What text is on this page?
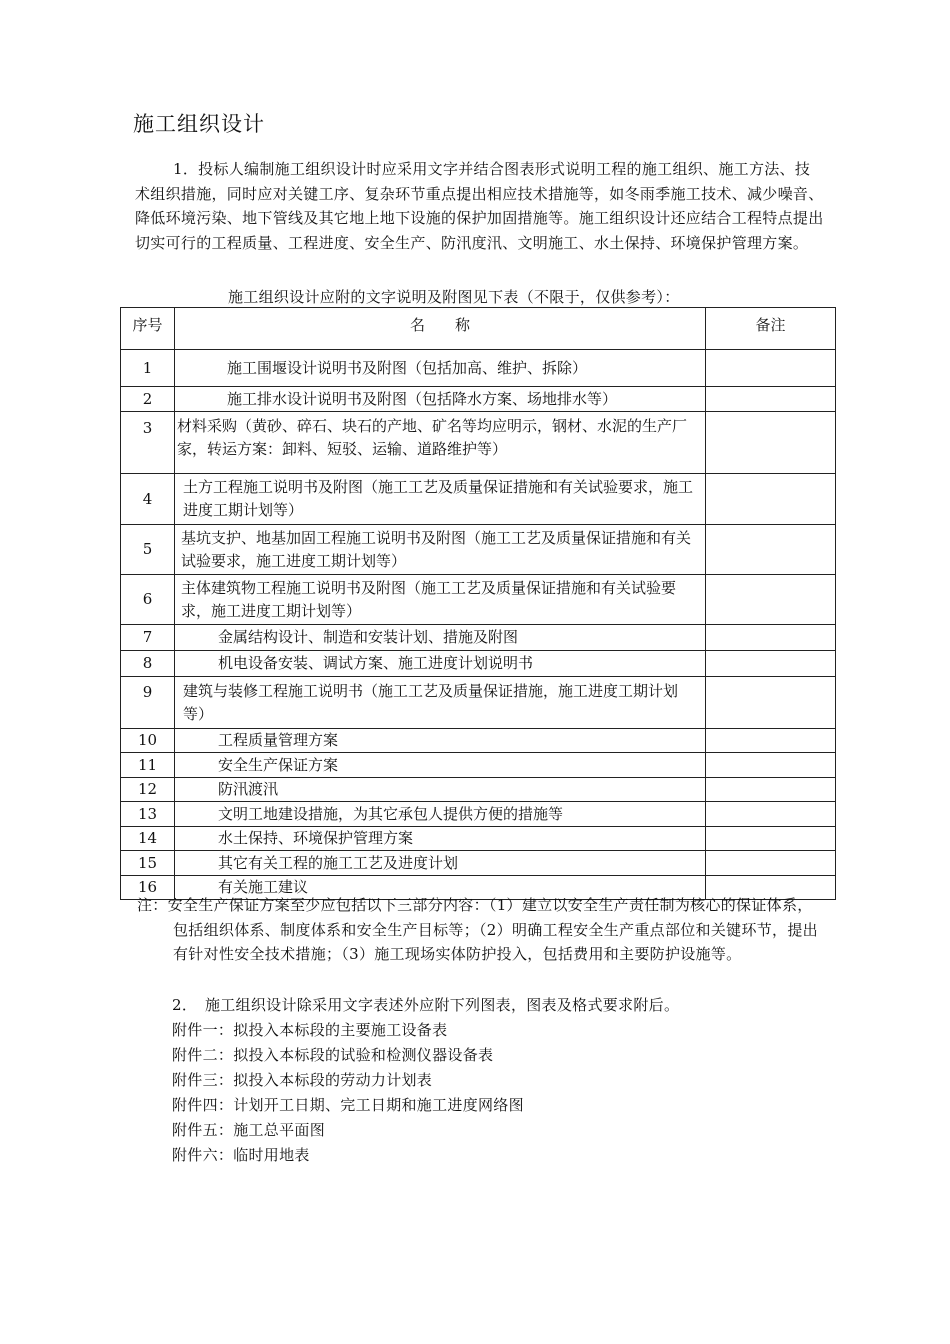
施工组织设计
1．投标人编制施工组织设计时应采用文字并结合图表形式说明工程的施工组织、施工方法、技术组织措施，同时应对关键工序、复杂环节重点提出相应技术措施等，如冬雨季施工技术、减少噪音、降低环境污染、地下管线及其它地上地下设施的保护加固措施等。施工组织设计还应结合工程特点提出切实可行的工程质量、工程进度、安全生产、防汛度汛、文明施工、水土保持、环境保护管理方案。
施工组织设计应附的文字说明及附图见下表（不限于，仅供参考）：
序号	名　　称	备注
1	施工围堰设计说明书及附图（包括加高、维护、拆除）	
2	施工排水设计说明书及附图（包括降水方案、场地排水等）	
3	材料采购（黄砂、碎石、块石的产地、矿名等均应明示，钢材、水泥的生产厂家，转运方案：卸料、短驳、运输、道路维护等）	
4	土方工程施工说明书及附图（施工工艺及质量保证措施和有关试验要求，施工进度工期计划等）	
5	基坑支护、地基加固工程施工说明书及附图（施工工艺及质量保证措施和有关试验要求，施工进度工期计划等）	
6	主体建筑物工程施工说明书及附图（施工工艺及质量保证措施和有关试验要求，施工进度工期计划等）	
7	金属结构设计、制造和安装计划、措施及附图	
8	机电设备安装、调试方案、施工进度计划说明书	
9	建筑与装修工程施工说明书（施工工艺及质量保证措施，施工进度工期计划等）	
10	工程质量管理方案	
11	安全生产保证方案	
12	防汛渡汛	
13	文明工地建设措施，为其它承包人提供方便的措施等	
14	水土保持、环境保护管理方案	
15	其它有关工程的施工工艺及进度计划	
16	有关施工建议	
注：安全生产保证方案至少应包括以下三部分内容：（1）建立以安全生产责任制为核心的保证体系，包括组织体系、制度体系和安全生产目标等；（2）明确工程安全生产重点部位和关键环节，提出有针对性安全技术措施；（3）施工现场实体防护投入，包括费用和主要防护设施等。
2．　施工组织设计除采用文字表述外应附下列图表，图表及格式要求附后。
附件一：拟投入本标段的主要施工设备表
附件二：拟投入本标段的试验和检测仪器设备表
附件三：拟投入本标段的劳动力计划表
附件四：计划开工日期、完工日期和施工进度网络图
附件五：施工总平面图
附件六：临时用地表
